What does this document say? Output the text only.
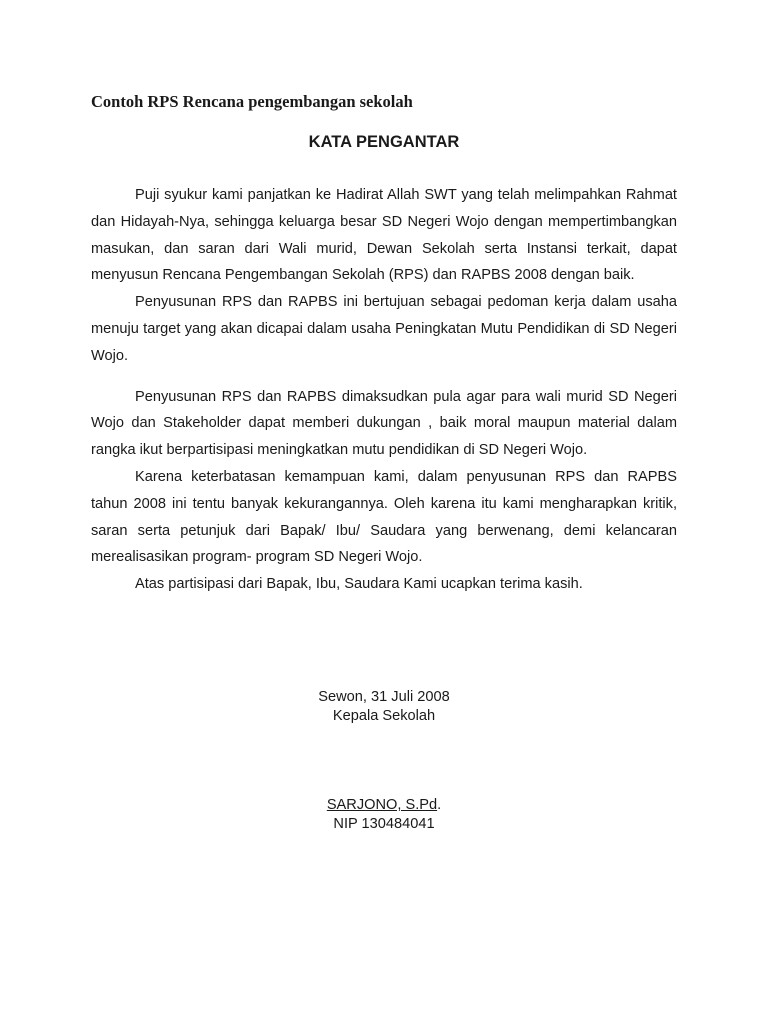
Contoh RPS Rencana pengembangan sekolah
KATA PENGANTAR

Puji syukur kami panjatkan ke Hadirat Allah SWT yang telah melimpahkan Rahmat dan Hidayah-Nya, sehingga keluarga besar SD Negeri Wojo dengan mempertimbangkan masukan, dan saran dari Wali murid, Dewan Sekolah serta Instansi terkait, dapat menyusun Rencana Pengembangan Sekolah (RPS) dan RAPBS 2008 dengan baik.

Penyusunan RPS dan RAPBS ini bertujuan sebagai pedoman kerja dalam usaha menuju target yang akan dicapai dalam usaha Peningkatan Mutu Pendidikan di SD Negeri Wojo.

Penyusunan RPS dan RAPBS dimaksudkan pula agar para wali murid SD Negeri Wojo dan Stakeholder dapat memberi dukungan , baik moral maupun material dalam rangka ikut berpartisipasi meningkatkan mutu pendidikan di SD Negeri Wojo.

Karena keterbatasan kemampuan kami, dalam penyusunan RPS dan RAPBS tahun 2008 ini tentu banyak kekurangannya. Oleh karena itu kami mengharapkan kritik, saran serta petunjuk dari Bapak/ Ibu/ Saudara yang berwenang, demi kelancaran merealisasikan program- program SD Negeri Wojo.

Atas partisipasi dari Bapak, Ibu, Saudara Kami ucapkan terima kasih.

Sewon, 31 Juli 2008
Kepala Sekolah
SARJONO, S.Pd.
NIP 130484041
